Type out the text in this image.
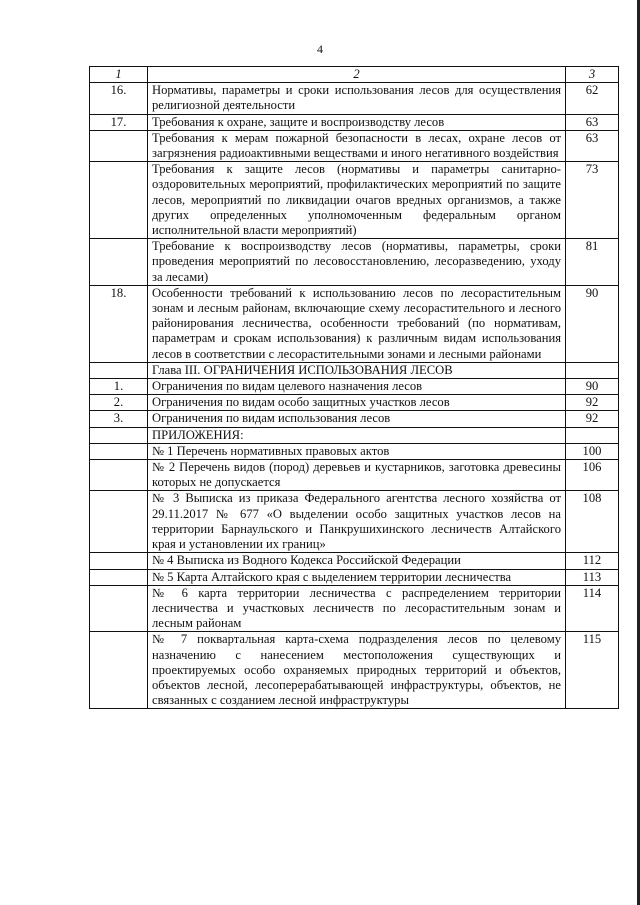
4
1	2	3
16.	Нормативы, параметры и сроки использования лесов для осуществления религиозной деятельности	62
17.	Требования к охране, защите и воспроизводству лесов	63
	Требования к мерам пожарной безопасности в лесах, охране лесов от загрязнения радиоактивными веществами и иного негативного воздействия	63
	Требования к защите лесов (нормативы и параметры санитарно-оздоровительных мероприятий, профилактических мероприятий по защите лесов, мероприятий по ликвидации очагов вредных организмов, а также других определенных уполномоченным федеральным органом исполнительной власти мероприятий)	73
	Требование к воспроизводству лесов (нормативы, параметры, сроки проведения мероприятий по лесовосстановлению, лесоразведению, уходу за лесами)	81
18.	Особенности требований к использованию лесов по лесорастительным зонам и лесным районам, включающие схему лесорастительного и лесного районирования лесничества, особенности требований (по нормативам, параметрам и срокам использования) к различным видам использования лесов в соответствии с лесорастительными зонами и лесными районами	90
	Глава III. ОГРАНИЧЕНИЯ ИСПОЛЬЗОВАНИЯ ЛЕСОВ	
1.	Ограничения по видам целевого назначения лесов	90
2.	Ограничения по видам особо защитных участков лесов	92
3.	Ограничения по видам использования лесов	92
	ПРИЛОЖЕНИЯ:	
	№ 1 Перечень нормативных правовых актов	100
	№ 2 Перечень видов (пород) деревьев и кустарников, заготовка древесины которых не допускается	106
	№ 3 Выписка из приказа Федерального агентства лесного хозяйства от 29.11.2017 № 677 «О выделении особо защитных участков лесов на территории Барнаульского и Панкрушихинского лесничеств Алтайского края и установлении их границ»	108
	№ 4 Выписка из Водного Кодекса Российской Федерации	112
	№ 5 Карта Алтайского края с выделением территории лесничества	113
	№ 6 карта территории лесничества с распределением территории лесничества и участковых лесничеств по лесорастительным зонам и лесным районам	114
	№ 7 поквартальная карта-схема подразделения лесов по целевому назначению с нанесением местоположения существующих и проектируемых особо охраняемых природных территорий и объектов, объектов лесной, лесоперерабатывающей инфраструктуры, объектов, не связанных с созданием лесной инфраструктуры	115
